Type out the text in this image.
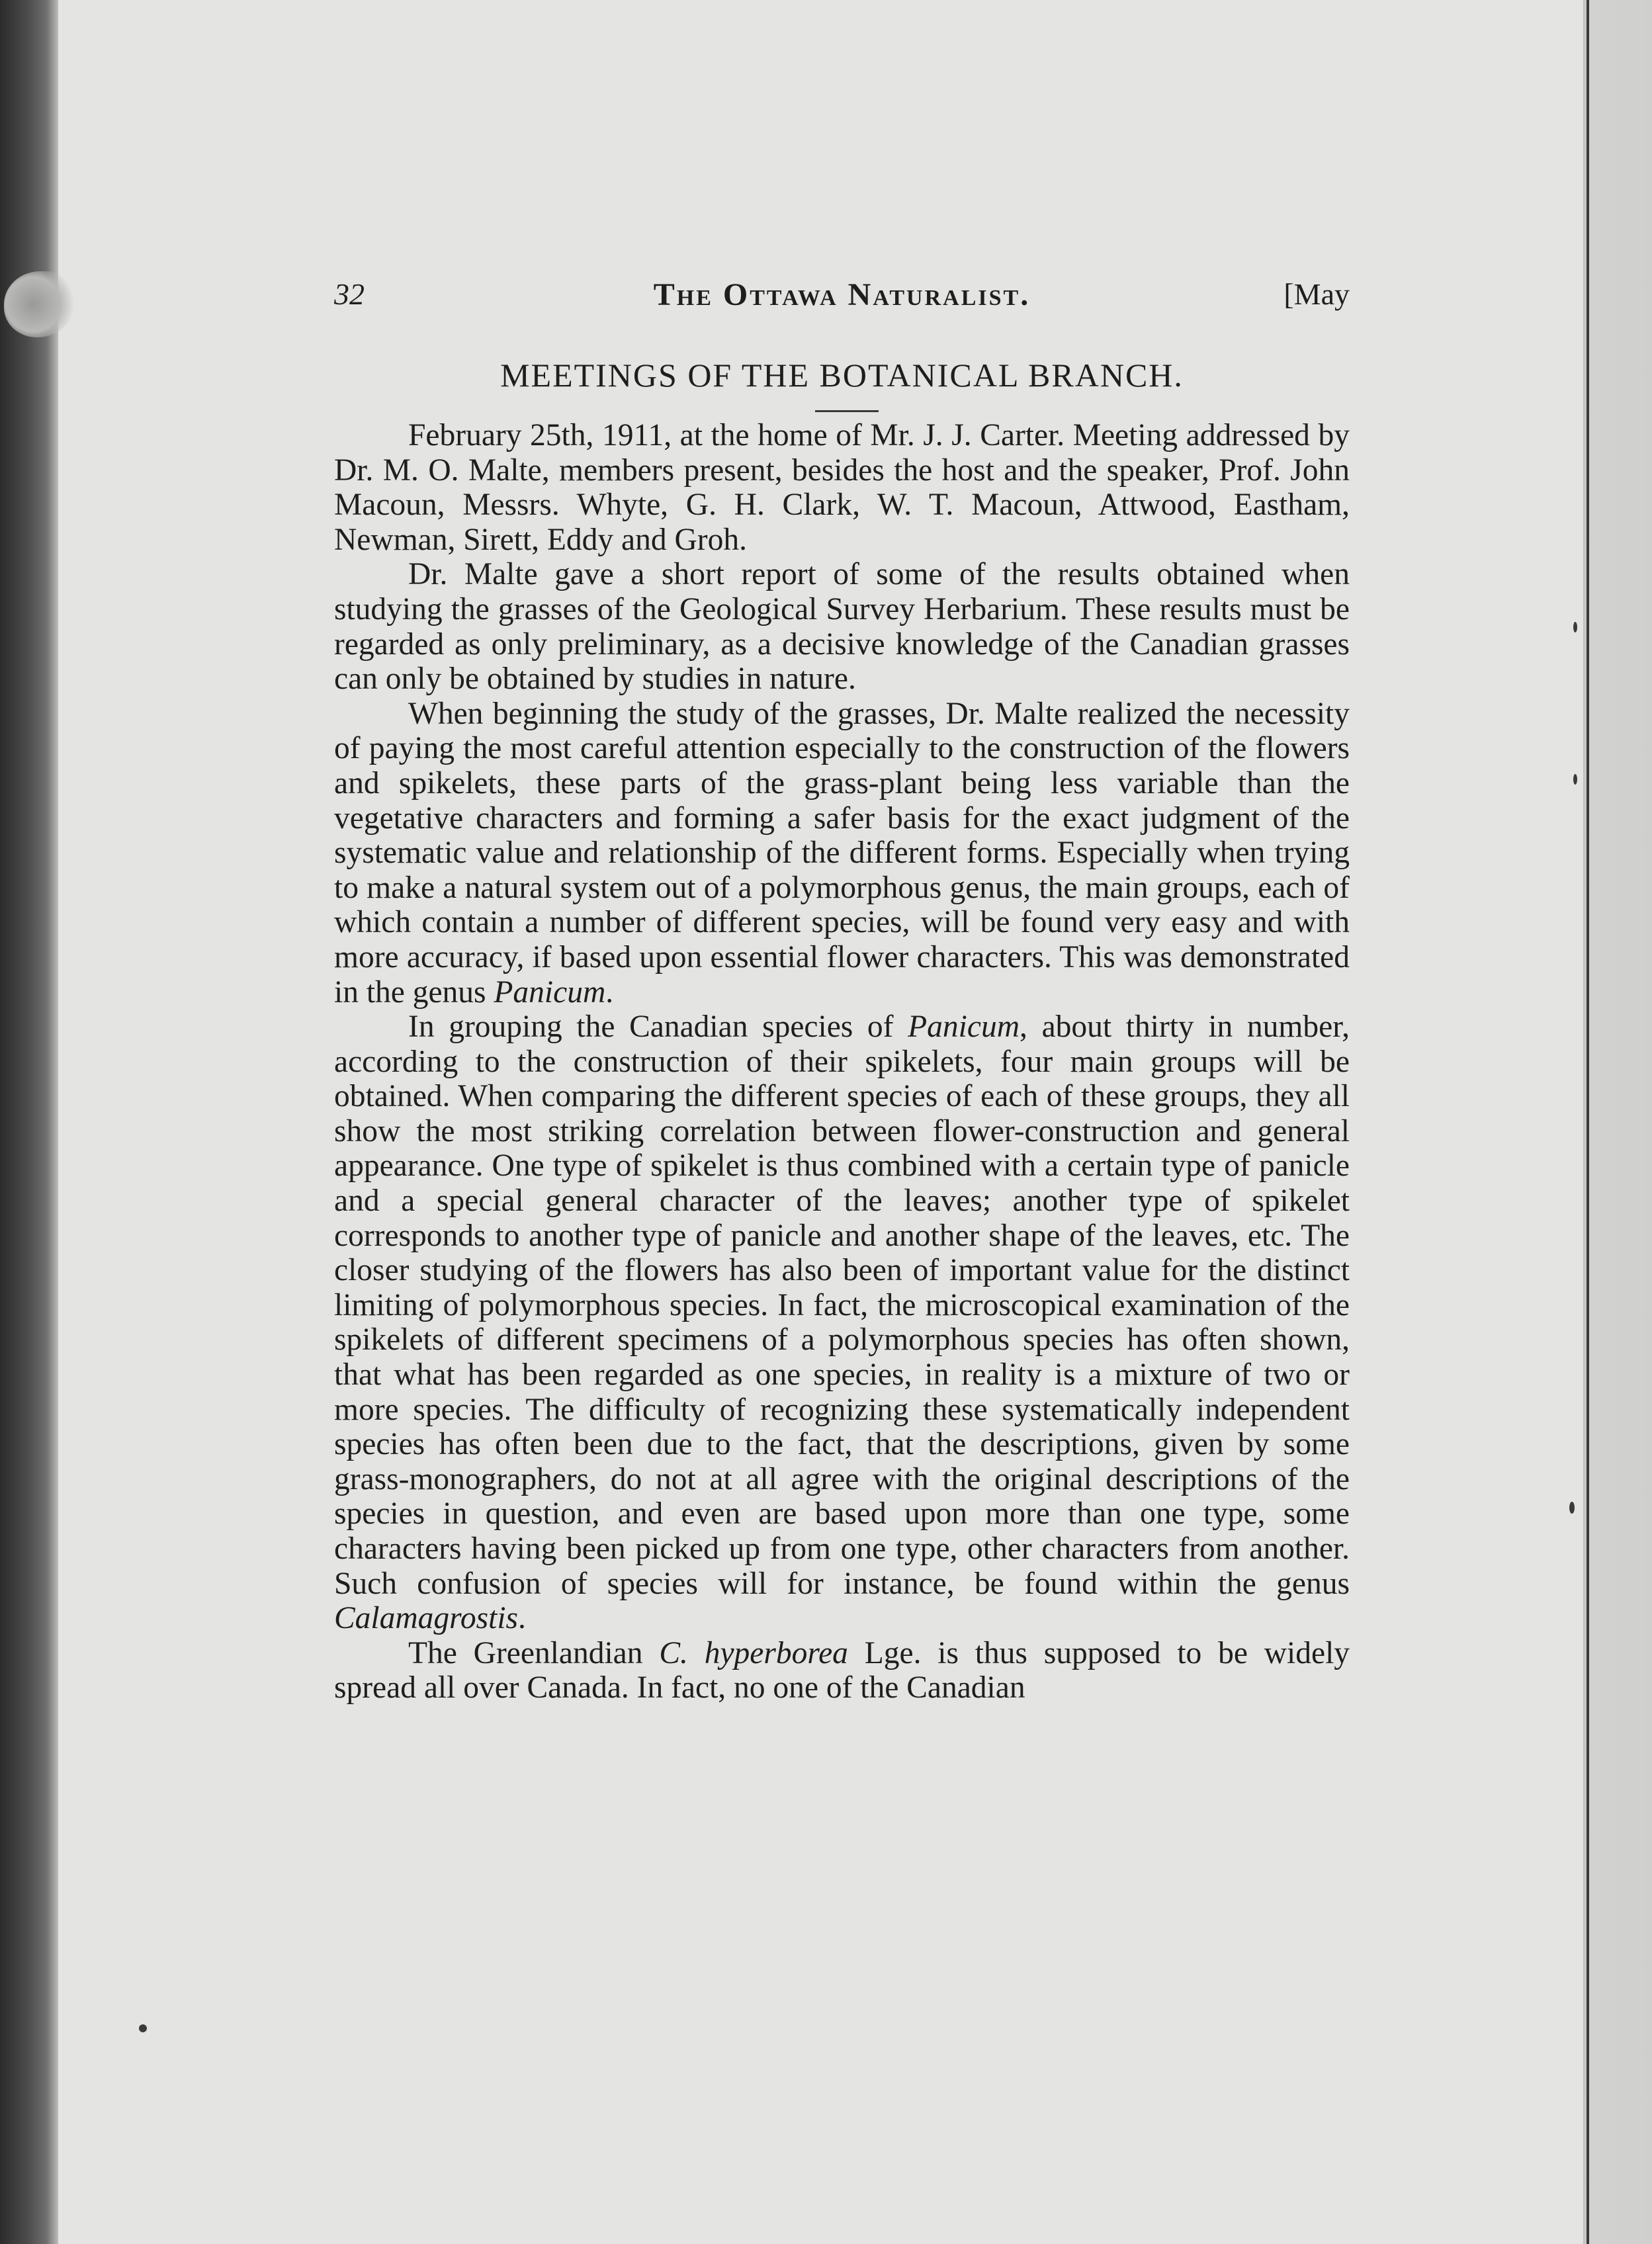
32	The Ottawa Naturalist.	[May
MEETINGS OF THE BOTANICAL BRANCH.

February 25th, 1911, at the home of Mr. J. J. Carter. Meeting addressed by Dr. M. O. Malte, members present, besides the host and the speaker, Prof. John Macoun, Messrs. Whyte, G. H. Clark, W. T. Macoun, Attwood, Eastham, Newman, Sirett, Eddy and Groh.

Dr. Malte gave a short report of some of the results obtained when studying the grasses of the Geological Survey Herbarium. These results must be regarded as only preliminary, as a decisive knowledge of the Canadian grasses can only be obtained by studies in nature.

When beginning the study of the grasses, Dr. Malte realized the necessity of paying the most careful attention especially to the construction of the flowers and spikelets, these parts of the grass-plant being less variable than the vegetative characters and forming a safer basis for the exact judgment of the systematic value and relationship of the different forms. Especially when trying to make a natural system out of a polymorphous genus, the main groups, each of which contain a number of different species, will be found very easy and with more accuracy, if based upon essential flower characters. This was demonstrated in the genus Panicum.

In grouping the Canadian species of Panicum, about thirty in number, according to the construction of their spikelets, four main groups will be obtained. When comparing the different species of each of these groups, they all show the most striking correlation between flower-construction and general appearance. One type of spikelet is thus combined with a certain type of panicle and a special general character of the leaves; another type of spikelet corresponds to another type of panicle and another shape of the leaves, etc. The closer studying of the flowers has also been of important value for the distinct limiting of polymorphous species. In fact, the microscopical examination of the spikelets of different specimens of a polymorphous species has often shown, that what has been regarded as one species, in reality is a mixture of two or more species. The difficulty of recognizing these systematically independent species has often been due to the fact, that the descriptions, given by some grass-monographers, do not at all agree with the original descriptions of the species in question, and even are based upon more than one type, some characters having been picked up from one type, other characters from another. Such confusion of species will for instance, be found within the genus Calamagrostis.

The Greenlandian C. hyperborea Lge. is thus supposed to be widely spread all over Canada. In fact, no one of the Canadian
